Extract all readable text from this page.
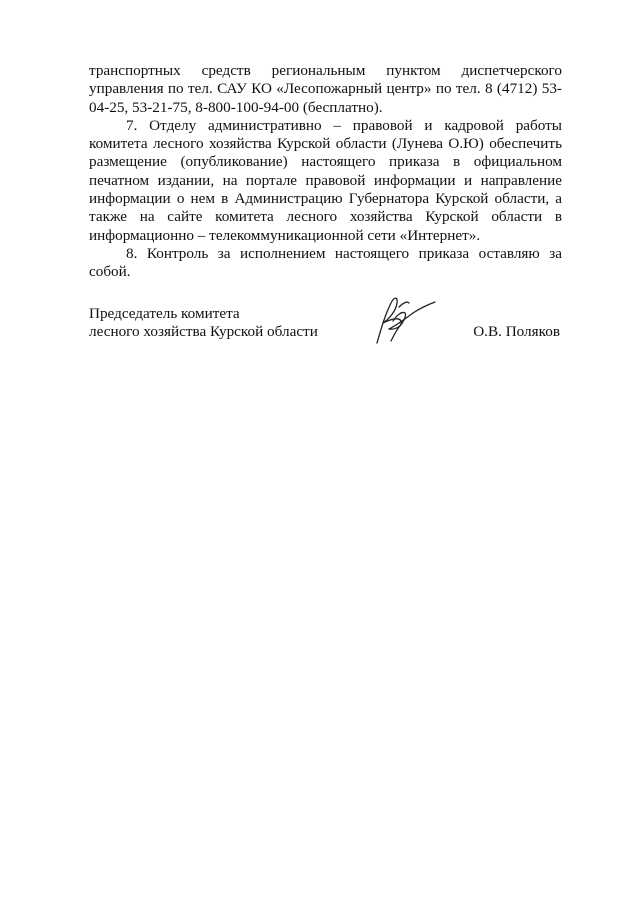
транспортных средств региональным пунктом диспетчерского управления по тел. САУ КО «Лесопожарный центр» по тел. 8 (4712) 53-04-25, 53-21-75, 8-800-100-94-00 (бесплатно).

7. Отделу административно – правовой и кадровой работы комитета лесного хозяйства Курской области (Лунева О.Ю) обеспечить размещение (опубликование) настоящего приказа в официальном печатном издании, на портале правовой информации и направление информации о нем в Администрацию Губернатора Курской области, а также на сайте комитета лесного хозяйства Курской области в информационно – телекоммуникационной сети «Интернет».

8. Контроль за исполнением настоящего приказа оставляю за собой.

Председатель комитета
лесного хозяйства Курской области	О.В. Поляков
